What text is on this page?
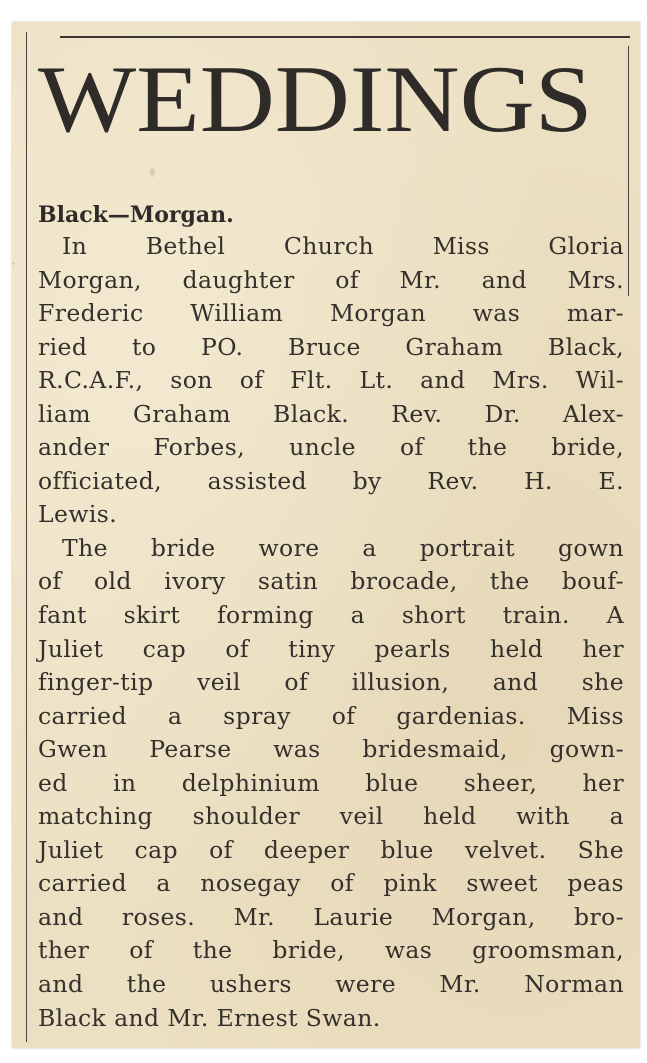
WEDDINGS
Black—Morgan.
In Bethel Church Miss Gloria
Morgan, daughter of Mr. and Mrs.
Frederic William Morgan was mar-
ried to PO. Bruce Graham Black,
R.C.A.F., son of Flt. Lt. and Mrs. Wil-
liam Graham Black. Rev. Dr. Alex-
ander Forbes, uncle of the bride,
officiated, assisted by Rev. H. E.
Lewis.
The bride wore a portrait gown
of old ivory satin brocade, the bouf-
fant skirt forming a short train. A
Juliet cap of tiny pearls held her
finger-tip veil of illusion, and she
carried a spray of gardenias. Miss
Gwen Pearse was bridesmaid, gown-
ed in delphinium blue sheer, her
matching shoulder veil held with a
Juliet cap of deeper blue velvet. She
carried a nosegay of pink sweet peas
and roses. Mr. Laurie Morgan, bro-
ther of the bride, was groomsman,
and the ushers were Mr. Norman
Black and Mr. Ernest Swan.
